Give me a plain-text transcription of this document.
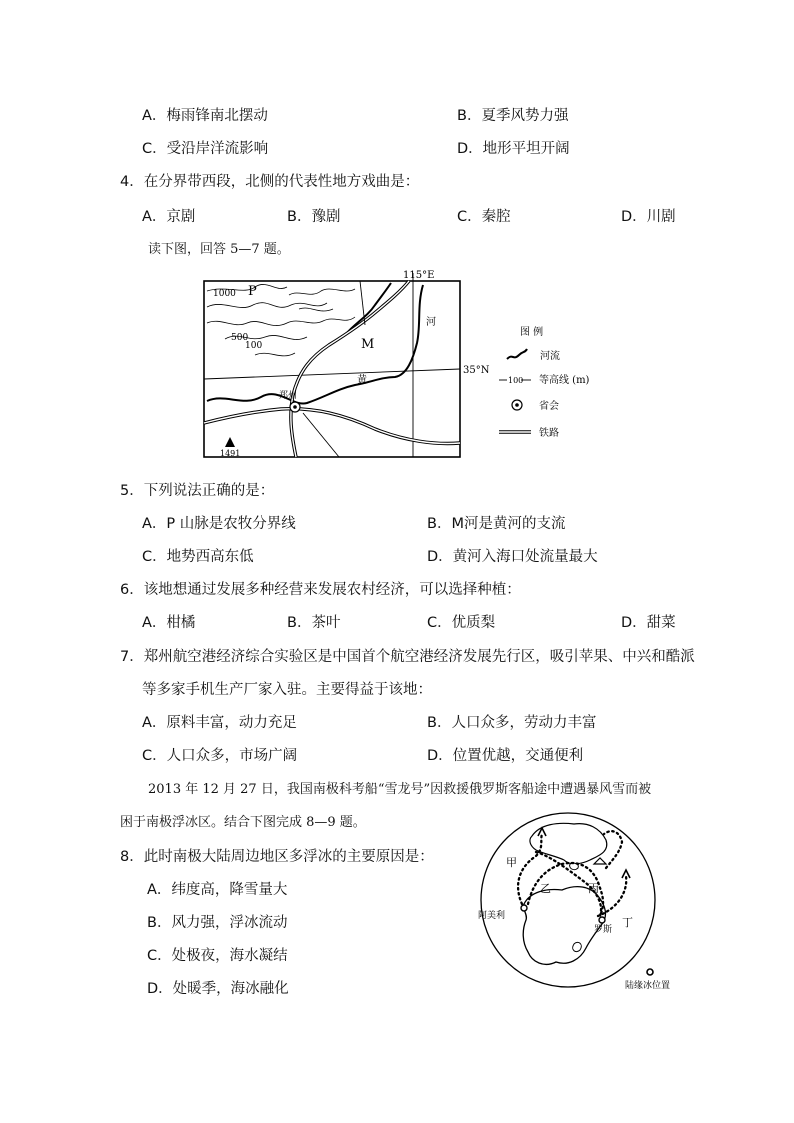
A．梅雨锋南北摆动	B．夏季风势力强
C．受沿岸洋流影响	D．地形平坦开阔
4．在分界带西段，北侧的代表性地方戏曲是：
A．京剧	B．豫剧	C．秦腔	D．川剧
读下图，回答 5—7 题。
115°E
35°N
1000 P
500
100	M
河
黄
郑州
1491
图 例
河流
100 等高线 (m)
省会
铁路
5．下列说法正确的是：
A．P 山脉是农牧分界线	B．M河是黄河的支流
C．地势西高东低	D．黄河入海口处流量最大
6．该地想通过发展多种经营来发展农村经济，可以选择种植：
A．柑橘	B．茶叶	C．优质梨	D．甜菜
7．郑州航空港经济综合实验区是中国首个航空港经济发展先行区，吸引苹果、中兴和酷派
等多家手机生产厂家入驻。主要得益于该地：
A．原料丰富，动力充足	B．人口众多，劳动力丰富
C．人口众多，市场广阔	D．位置优越，交通便利
2013 年 12 月 27 日，我国南极科考船“雪龙号”因救援俄罗斯客船途中遭遇暴风雪而被
困于南极浮冰区。结合下图完成 8—9 题。
8．此时南极大陆周边地区多浮冰的主要原因是：
A．纬度高，降雪量大
B．风力强，浮冰流动
C．处极夜，海水凝结
D．处暖季，海冰融化
甲
乙	丙
丁
阿美利
罗斯
陆缘冰位置
